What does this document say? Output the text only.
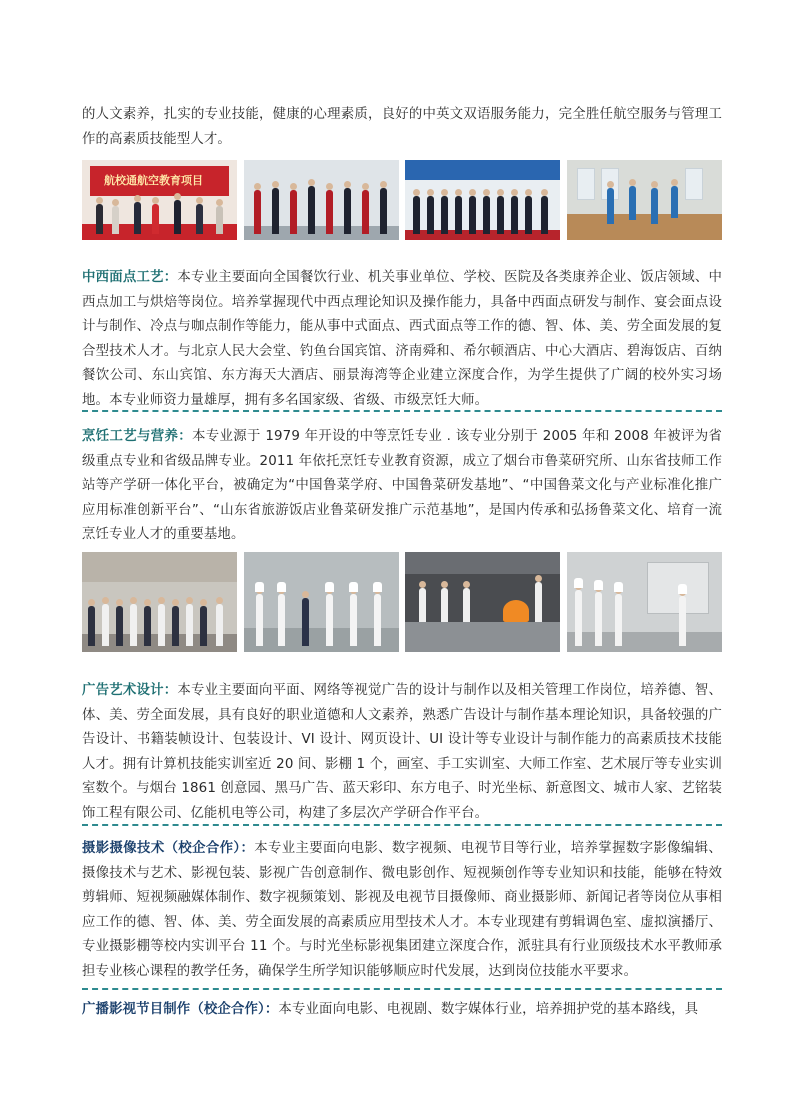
的人文素养，扎实的专业技能，健康的心理素质，良好的中英文双语服务能力，完全胜任航空服务与管理工作的高素质技能型人才。

航校通航空教育项目

中西面点工艺：本专业主要面向全国餐饮行业、机关事业单位、学校、医院及各类康养企业、饭店领域、中西点加工与烘焙等岗位。培养掌握现代中西点理论知识及操作能力，具备中西面点研发与制作、宴会面点设计与制作、冷点与咖点制作等能力，能从事中式面点、西式面点等工作的德、智、体、美、劳全面发展的复合型技术人才。与北京人民大会堂、钓鱼台国宾馆、济南舜和、希尔顿酒店、中心大酒店、碧海饭店、百纳餐饮公司、东山宾馆、东方海天大酒店、丽景海湾等企业建立深度合作，为学生提供了广阔的校外实习场地。本专业师资力量雄厚，拥有多名国家级、省级、市级烹饪大师。

烹饪工艺与营养：本专业源于 1979 年开设的中等烹饪专业 . 该专业分别于 2005 年和 2008 年被评为省级重点专业和省级品牌专业。2011 年依托烹饪专业教育资源，成立了烟台市鲁菜研究所、山东省技师工作站等产学研一体化平台，被确定为“中国鲁菜学府、中国鲁菜研发基地”、“中国鲁菜文化与产业标准化推广应用标准创新平台”、“山东省旅游饭店业鲁菜研发推广示范基地”，是国内传承和弘扬鲁菜文化、培育一流烹饪专业人才的重要基地。

广告艺术设计：本专业主要面向平面、网络等视觉广告的设计与制作以及相关管理工作岗位，培养德、智、体、美、劳全面发展，具有良好的职业道德和人文素养，熟悉广告设计与制作基本理论知识，具备较强的广告设计、书籍装帧设计、包装设计、VI 设计、网页设计、UI 设计等专业设计与制作能力的高素质技术技能人才。拥有计算机技能实训室近 20 间、影棚 1 个，画室、手工实训室、大师工作室、艺术展厅等专业实训室数个。与烟台 1861 创意园、黑马广告、蓝天彩印、东方电子、时光坐标、新意图文、城市人家、艺铭装饰工程有限公司、亿能机电等公司，构建了多层次产学研合作平台。

摄影摄像技术（校企合作）：本专业主要面向电影、数字视频、电视节目等行业，培养掌握数字影像编辑、摄像技术与艺术、影视包装、影视广告创意制作、微电影创作、短视频创作等专业知识和技能，能够在特效剪辑师、短视频融媒体制作、数字视频策划、影视及电视节目摄像师、商业摄影师、新闻记者等岗位从事相应工作的德、智、体、美、劳全面发展的高素质应用型技术人才。本专业现建有剪辑调色室、虚拟演播厅、专业摄影棚等校内实训平台 11 个。与时光坐标影视集团建立深度合作，派驻具有行业顶级技术水平教师承担专业核心课程的教学任务，确保学生所学知识能够顺应时代发展，达到岗位技能水平要求。

广播影视节目制作（校企合作）：本专业面向电影、电视剧、数字媒体行业，培养拥护党的基本路线，具
